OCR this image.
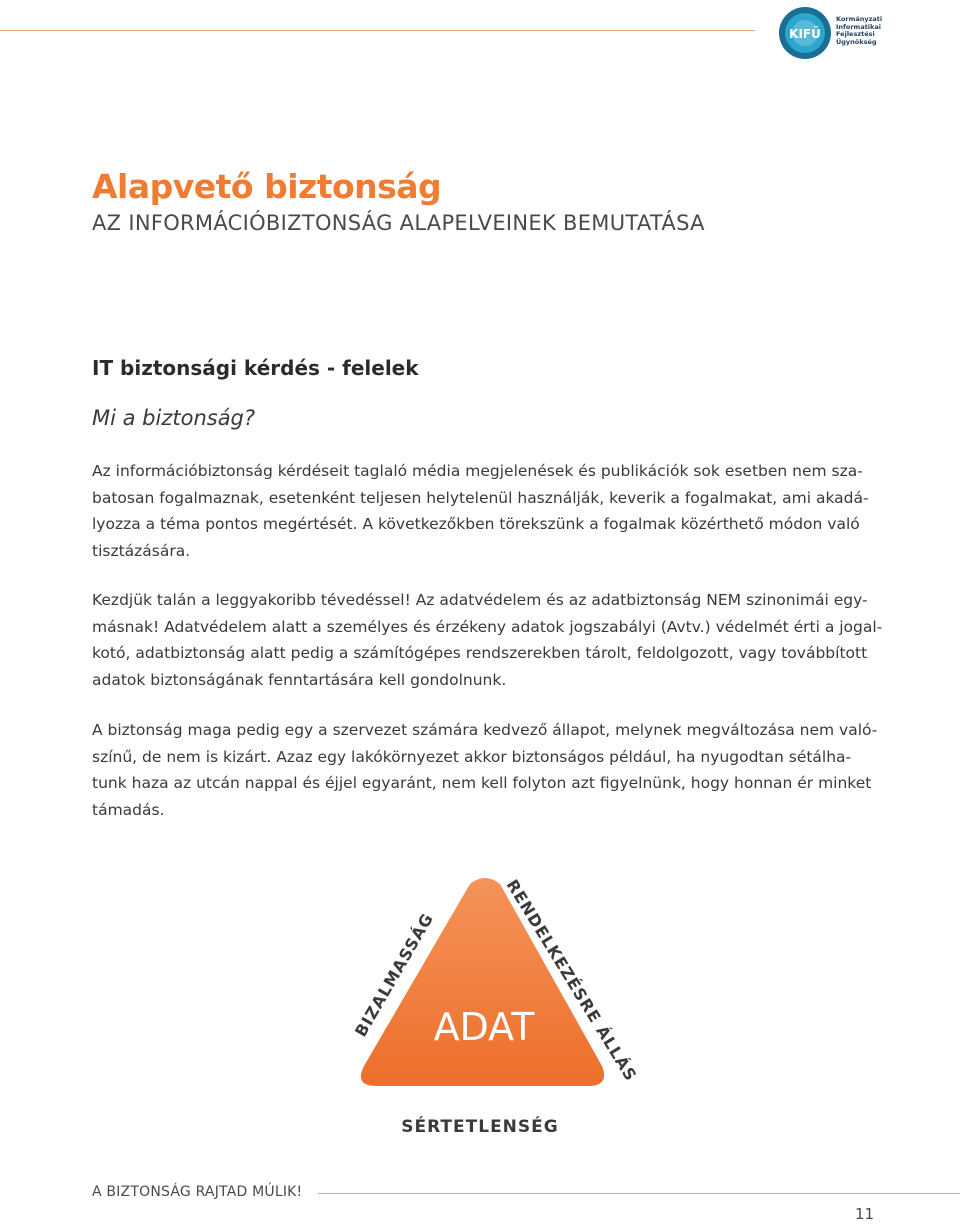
KIFÜ
Kormányzati
Informatikai
Fejlesztési
Ügynökség
Alapvető biztonság
AZ INFORMÁCIÓBIZTONSÁG ALAPELVEINEK BEMUTATÁSA
IT biztonsági kérdés - felelek
Mi a biztonság?

Az információbiztonság kérdéseit taglaló média megjelenések és publikációk sok esetben nem sza-
batosan fogalmaznak, esetenként teljesen helytelenül használják, keverik a fogalmakat, ami akadá-
lyozza a téma pontos megértését. A következőkben törekszünk a fogalmak közérthető módon való
tisztázására.

Kezdjük talán a leggyakoribb tévedéssel! Az adatvédelem és az adatbiztonság NEM szinonimái egy-
másnak! Adatvédelem alatt a személyes és érzékeny adatok jogszabályi (Avtv.) védelmét érti a jogal-
kotó, adatbiztonság alatt pedig a számítógépes rendszerekben tárolt, feldolgozott, vagy továbbított
adatok biztonságának fenntartására kell gondolnunk.

A biztonság maga pedig egy a szervezet számára kedvező állapot, melynek megváltozása nem való-
színű, de nem is kizárt. Azaz egy lakókörnyezet akkor biztonságos például, ha nyugodtan sétálha-
tunk haza az utcán nappal és éjjel egyaránt, nem kell folyton azt figyelnünk, hogy honnan ér minket
támadás.

ADAT
BIZALMASSÁG
RENDELKEZÉSRE ÁLLÁS
SÉRTETLENSÉG
A BIZTONSÁG RAJTAD MÚLIK!
11
